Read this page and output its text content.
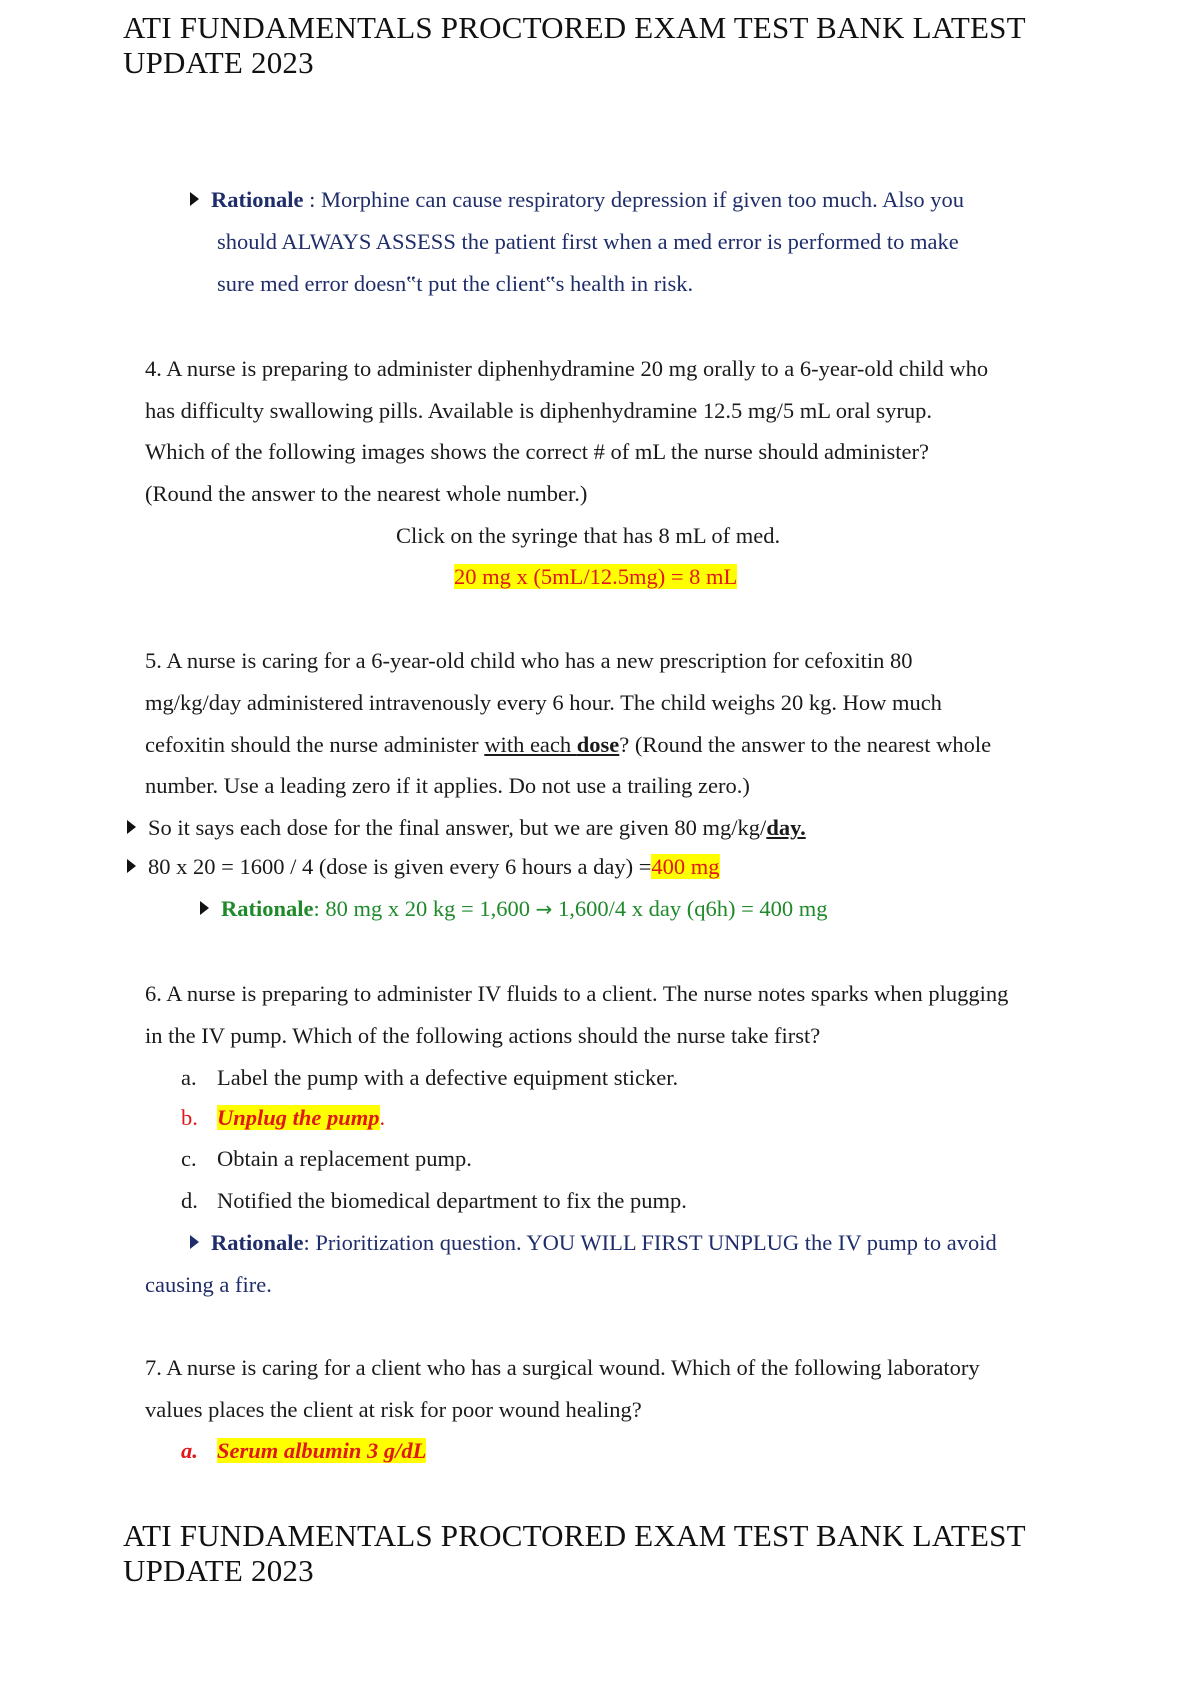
ATI FUNDAMENTALS PROCTORED EXAM TEST BANK LATEST
UPDATE 2023
Rationale : Morphine can cause respiratory depression if given too much. Also you
should ALWAYS ASSESS the patient first when a med error is performed to make
sure med error doesn‟t put the client‟s health in risk.
4. A nurse is preparing to administer diphenhydramine 20 mg orally to a 6-year-old child who
has difficulty swallowing pills. Available is diphenhydramine 12.5 mg/5 mL oral syrup.
Which of the following images shows the correct # of mL the nurse should administer?
(Round the answer to the nearest whole number.)
Click on the syringe that has 8 mL of med.
20 mg x (5mL/12.5mg) = 8 mL
5. A nurse is caring for a 6-year-old child who has a new prescription for cefoxitin 80
mg/kg/day administered intravenously every 6 hour. The child weighs 20 kg. How much
cefoxitin should the nurse administer with each dose? (Round the answer to the nearest whole
number. Use a leading zero if it applies. Do not use a trailing zero.)
So it says each dose for the final answer, but we are given 80 mg/kg/day.
80 x 20 = 1600 / 4 (dose is given every 6 hours a day) =400 mg
Rationale: 80 mg x 20 kg = 1,600 → 1,600/4 x day (q6h) = 400 mg
6. A nurse is preparing to administer IV fluids to a client. The nurse notes sparks when plugging
in the IV pump. Which of the following actions should the nurse take first?
a. Label the pump with a defective equipment sticker.
b. Unplug the pump.
c. Obtain a replacement pump.
d. Notified the biomedical department to fix the pump.
Rationale: Prioritization question. YOU WILL FIRST UNPLUG the IV pump to avoid
causing a fire.
7. A nurse is caring for a client who has a surgical wound. Which of the following laboratory
values places the client at risk for poor wound healing?
a. Serum albumin 3 g/dL
ATI FUNDAMENTALS PROCTORED EXAM TEST BANK LATEST
UPDATE 2023
